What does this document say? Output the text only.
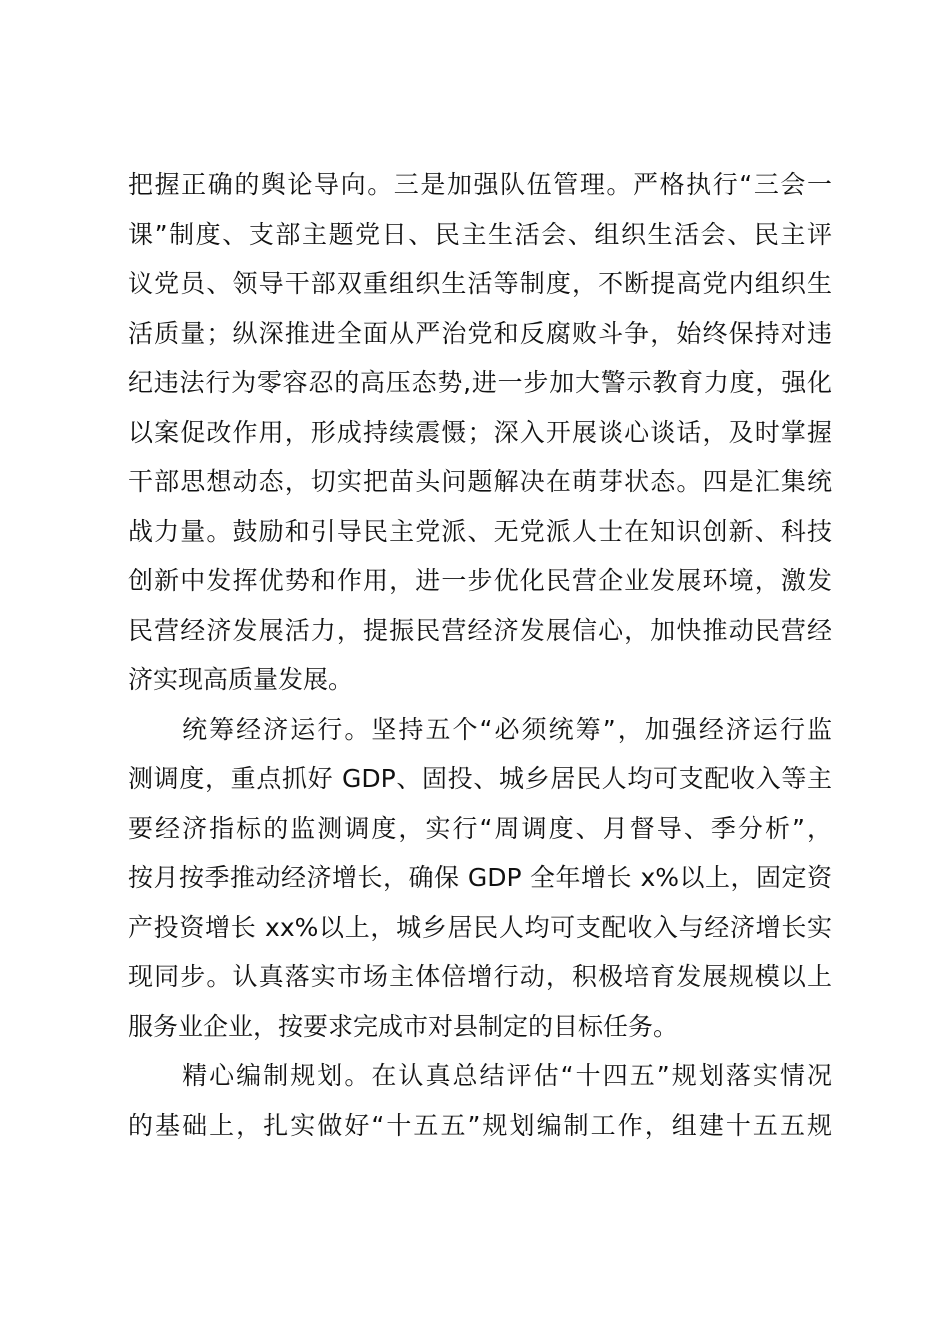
把握正确的舆论导向。三是加强队伍管理。严格执行“三会一
课”制度、支部主题党日、民主生活会、组织生活会、民主评
议党员、领导干部双重组织生活等制度，不断提高党内组织生
活质量；纵深推进全面从严治党和反腐败斗争，始终保持对违
纪违法行为零容忍的高压态势,进一步加大警示教育力度，强化
以案促改作用，形成持续震慑；深入开展谈心谈话，及时掌握
干部思想动态，切实把苗头问题解决在萌芽状态。四是汇集统
战力量。鼓励和引导民主党派、无党派人士在知识创新、科技
创新中发挥优势和作用，进一步优化民营企业发展环境，激发
民营经济发展活力，提振民营经济发展信心，加快推动民营经
济实现高质量发展。
　　统筹经济运行。坚持五个“必须统筹”，加强经济运行监
测调度，重点抓好 GDP、固投、城乡居民人均可支配收入等主
要经济指标的监测调度，实行“周调度、月督导、季分析”，
按月按季推动经济增长，确保 GDP 全年增长 x%以上，固定资
产投资增长 xx%以上，城乡居民人均可支配收入与经济增长实
现同步。认真落实市场主体倍增行动，积极培育发展规模以上
服务业企业，按要求完成市对县制定的目标任务。
　　精心编制规划。在认真总结评估“十四五”规划落实情况
的基础上，扎实做好“十五五”规划编制工作，组建十五五规
